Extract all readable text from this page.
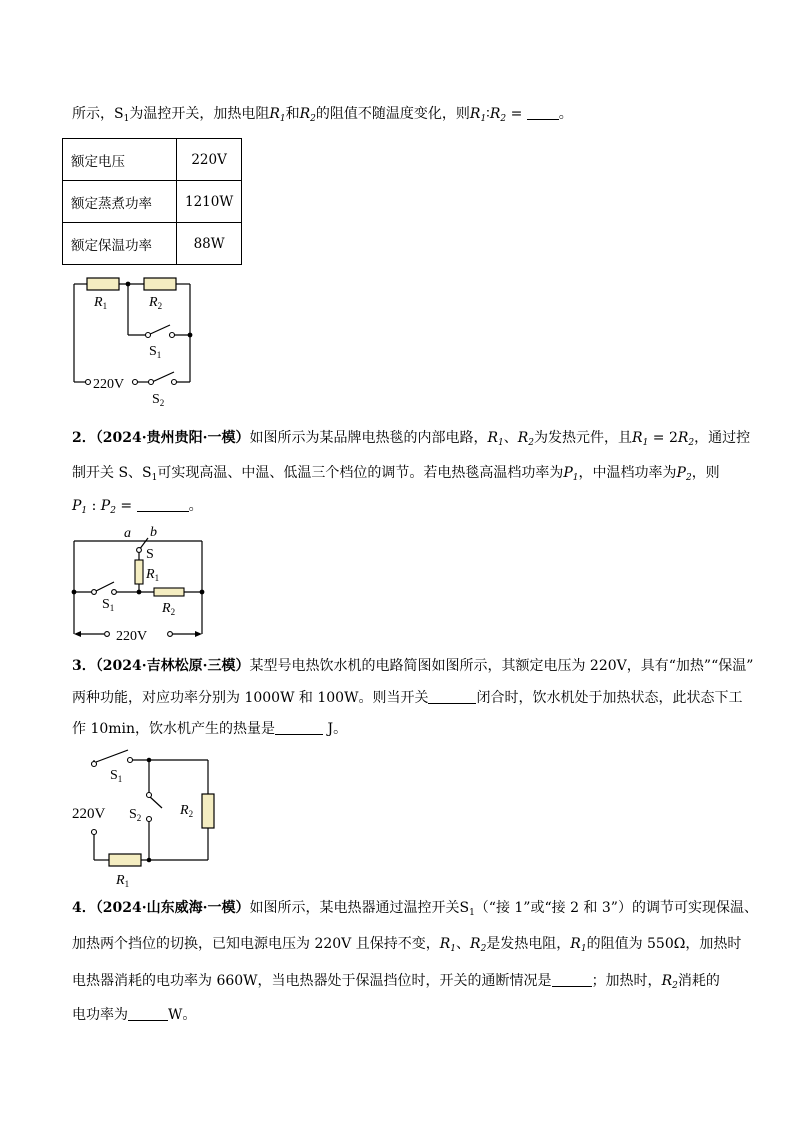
所示，$S_1$为温控开关，加热电阻$R_1$和$R_2$的阻值不随温度变化，则$R_1∶R_2$ =	。
额定电压	220V
额定蒸煮功率	1210W
额定保温功率	88W
$R_1$	$R_2$
$S_1$
220V
$S_2$
2．（2024·贵州贵阳·一模）如图所示为某品牌电热毯的内部电路，$R_1$、$R_2$为发热元件，且$R_1 = 2R_2$，通过控
制开关 S、$S_1$可实现高温、中温、低温三个档位的调节。若电热毯高温档功率为$P_1$，中温档功率为$P_2$，则
$P_1$ : $P_2$ =	。
a b
S
$R_1$
$S_1$	$R_2$
220V
3．（2024·吉林松原·三模）某型号电热饮水机的电路简图如图所示，其额定电压为 220V，具有“加热”“保温”
两种功能，对应功率分别为 1000W 和 100W。则当开关	闭合时，饮水机处于加热状态，此状态下工
作 10min，饮水机产生的热量是	J。
$S_1$
220V $S_2$	$R_2$
$R_1$
4．（2024·山东威海·一模）如图所示，某电热器通过温控开关$S_1(“$接 1”或“接 2 和 3”）的调节可实现保温、
加热两个挡位的切换，已知电源电压为 220V 且保持不变，$R_1$、$R_2$是发热电阻，$R_1$的阻值为 550Ω，加热时
电热器消耗的电功率为 660W，当电热器处于保温挡位时，开关的通断情况是	；加热时，$R_2$消耗的
电功率为	W。
